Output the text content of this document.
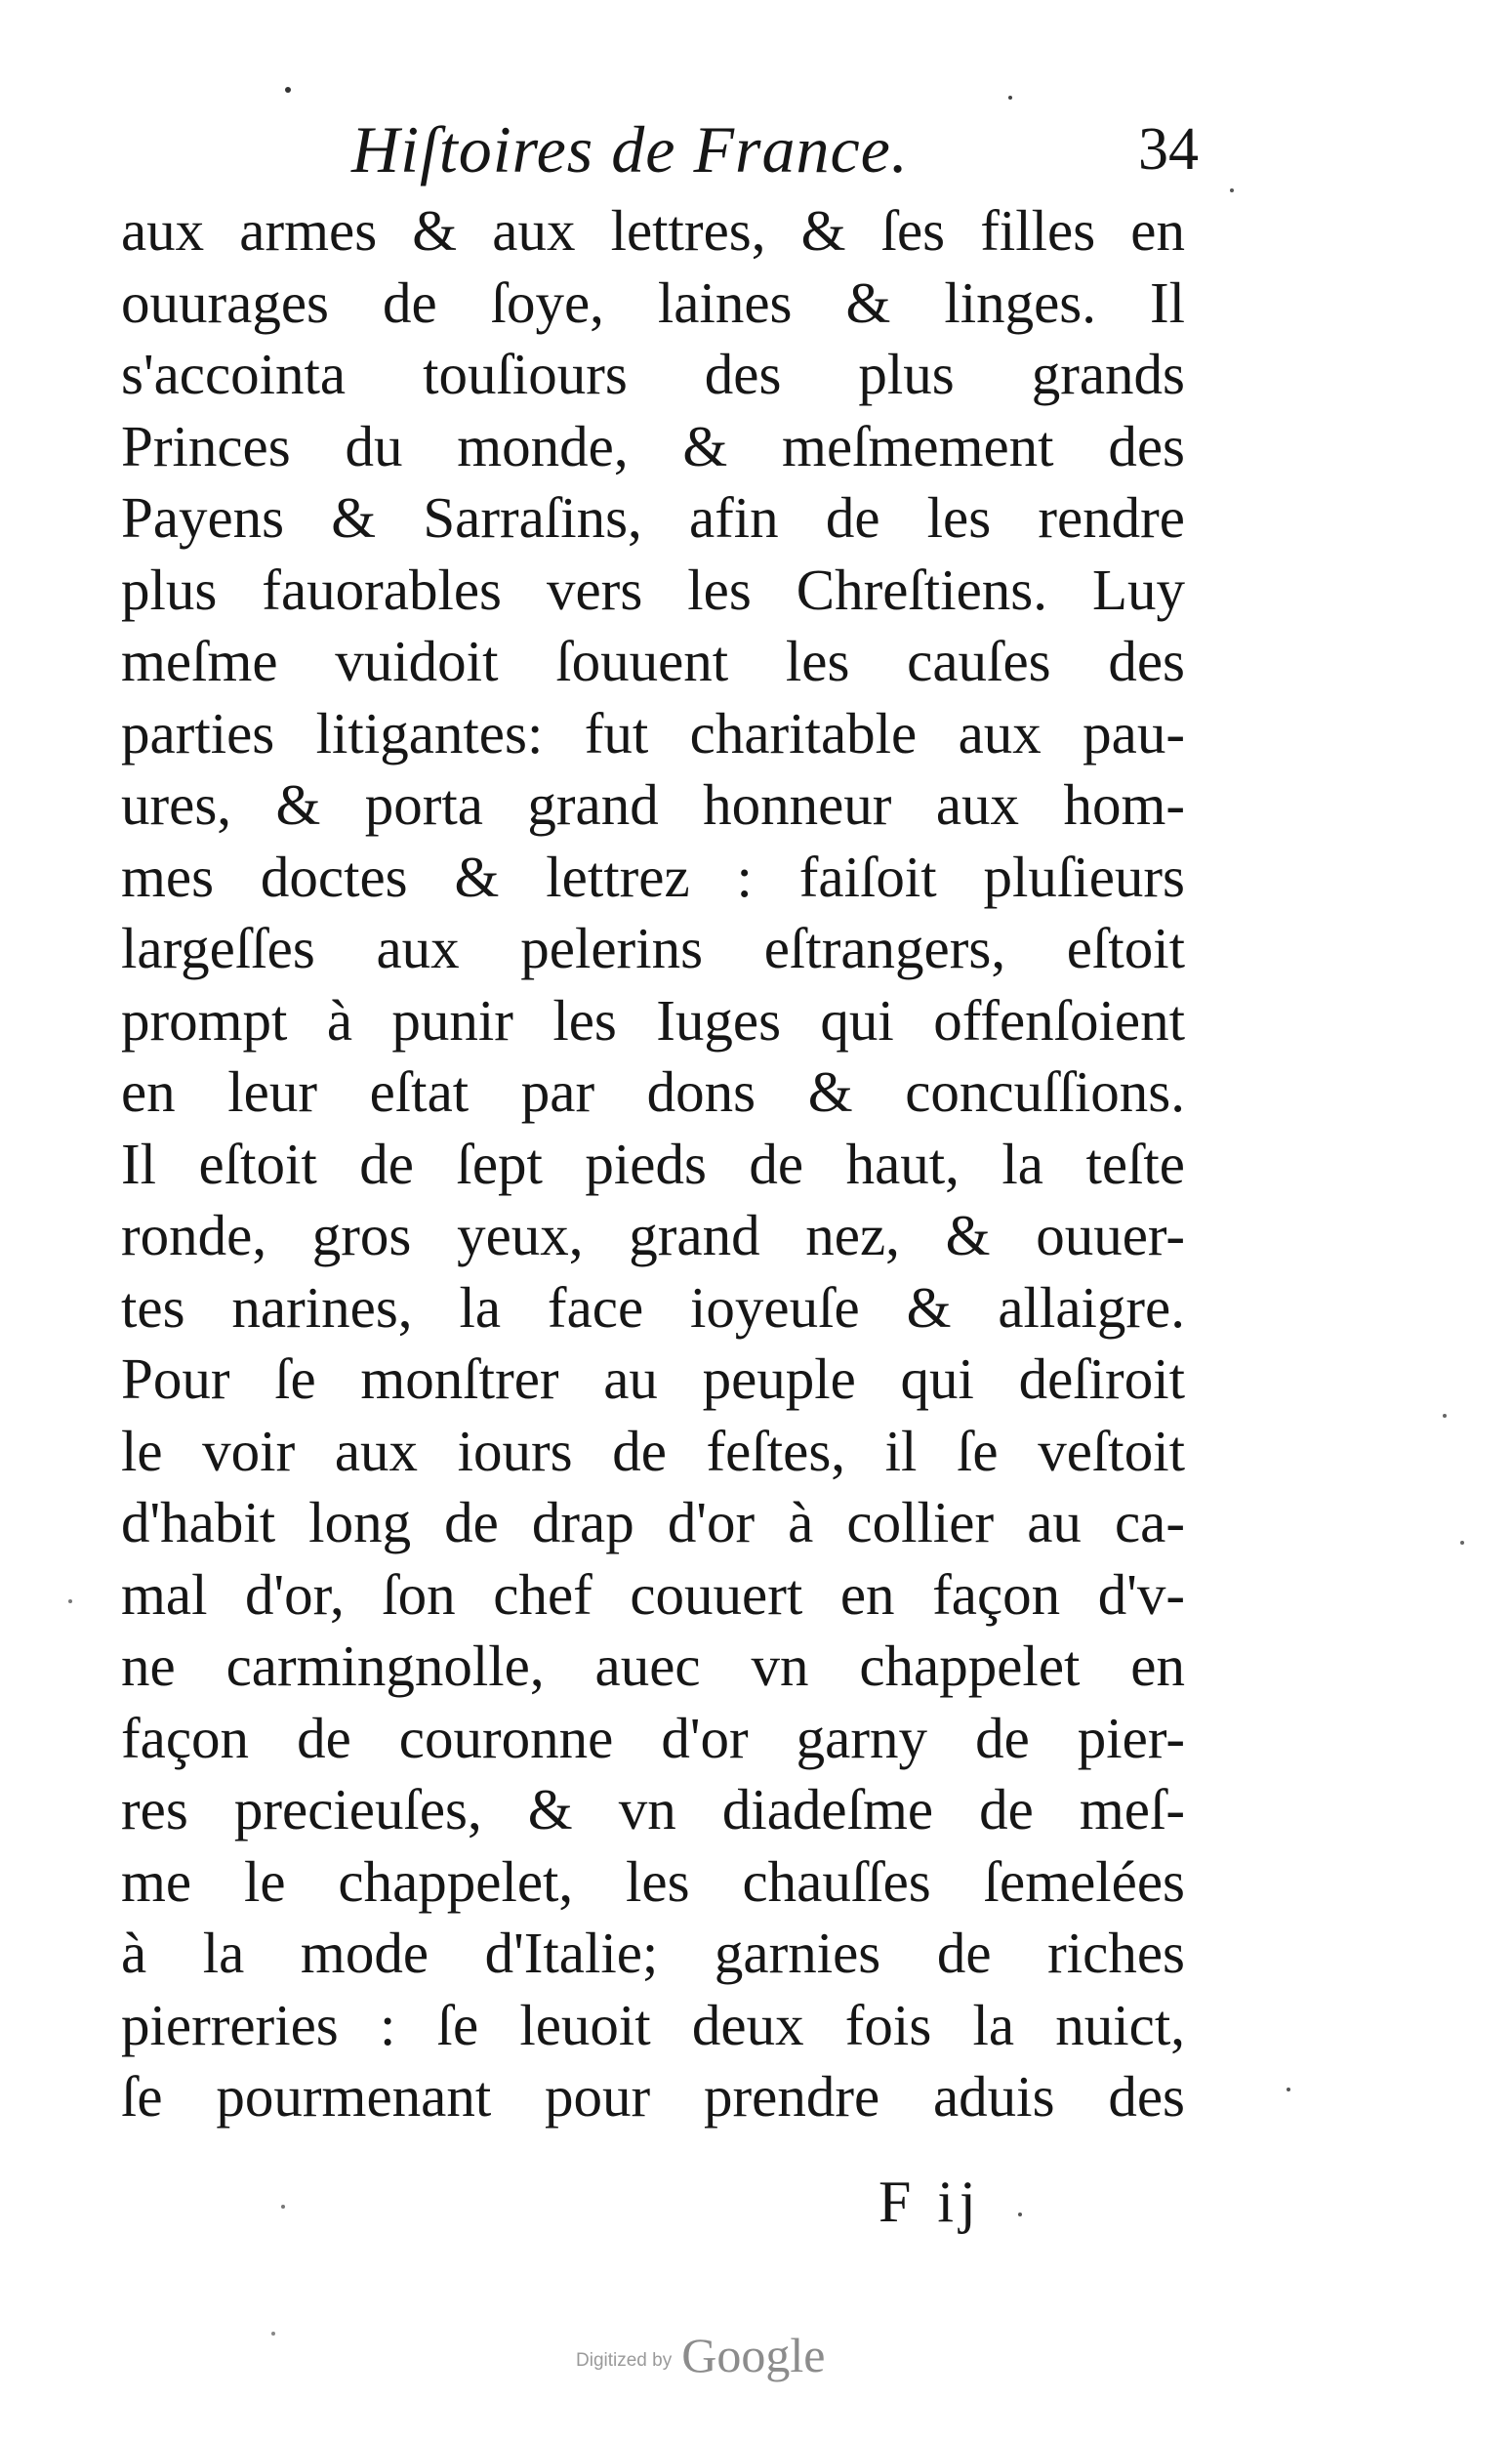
Hiſtoires de France.	34
aux armes & aux lettres, & ſes filles en
ouurages de ſoye, laines & linges. Il
s'accointa touſiours des plus grands
Princes du monde, & meſmement des
Payens & Sarraſins, afin de les rendre
plus fauorables vers les Chreſtiens. Luy
meſme vuidoit ſouuent les cauſes des
parties litigantes: fut charitable aux pau-
ures, & porta grand honneur aux hom-
mes doctes & lettrez : faiſoit pluſieurs
largeſſes aux pelerins eſtrangers, eſtoit
prompt à punir les Iuges qui offenſoient
en leur eſtat par dons & concuſſions.
Il eſtoit de ſept pieds de haut, la teſte
ronde, gros yeux, grand nez, & ouuer-
tes narines, la face ioyeuſe & allaigre.
Pour ſe monſtrer au peuple qui deſiroit
le voir aux iours de feſtes, il ſe veſtoit
d'habit long de drap d'or à collier au ca-
mal d'or, ſon chef couuert en façon d'v-
ne carmingnolle, auec vn chappelet en
façon de couronne d'or garny de pier-
res precieuſes, & vn diadeſme de meſ-
me le chappelet, les chauſſes ſemelées
à la mode d'Italie; garnies de riches
pierreries : ſe leuoit deux fois la nuict,
ſe pourmenant pour prendre aduis des
F ij
Digitized by Google
